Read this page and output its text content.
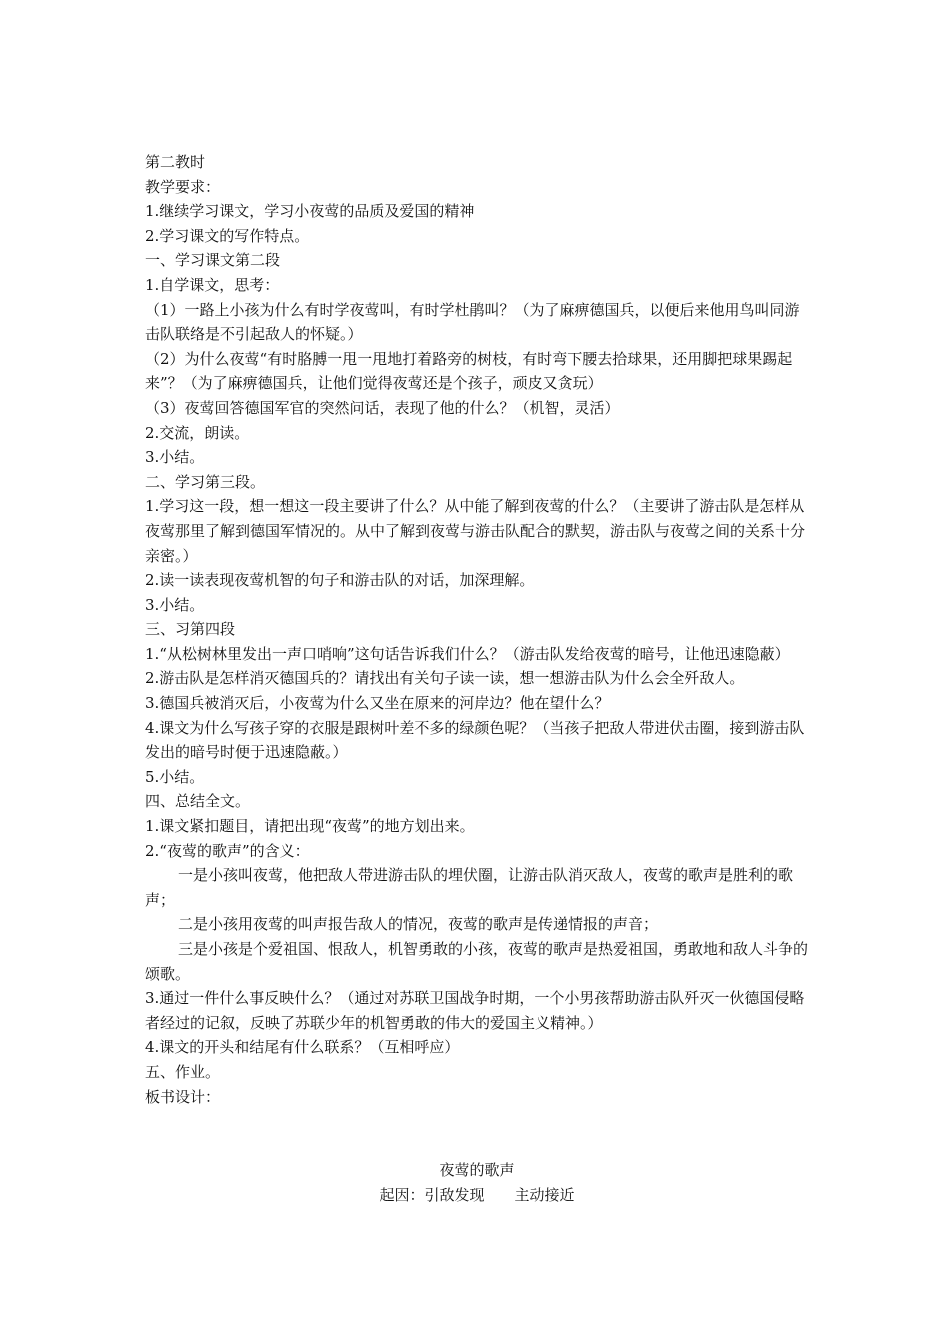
第二教时
教学要求：
1.继续学习课文，学习小夜莺的品质及爱国的精神
2.学习课文的写作特点。
一、学习课文第二段
1.自学课文，思考：
（1）一路上小孩为什么有时学夜莺叫，有时学杜鹃叫？（为了麻痹德国兵，以便后来他用鸟叫同游击队联络是不引起敌人的怀疑。）
（2）为什么夜莺“有时胳膊一甩一甩地打着路旁的树枝，有时弯下腰去拾球果，还用脚把球果踢起来”？（为了麻痹德国兵，让他们觉得夜莺还是个孩子，顽皮又贪玩）
（3）夜莺回答德国军官的突然问话，表现了他的什么？（机智，灵活）
2.交流，朗读。
3.小结。
二、学习第三段。
1.学习这一段，想一想这一段主要讲了什么？从中能了解到夜莺的什么？（主要讲了游击队是怎样从夜莺那里了解到德国军情况的。从中了解到夜莺与游击队配合的默契，游击队与夜莺之间的关系十分亲密。）
2.读一读表现夜莺机智的句子和游击队的对话，加深理解。
3.小结。
三、习第四段
1.“从松树林里发出一声口哨响”这句话告诉我们什么？（游击队发给夜莺的暗号，让他迅速隐蔽）
2.游击队是怎样消灭德国兵的？请找出有关句子读一读，想一想游击队为什么会全歼敌人。
3.德国兵被消灭后，小夜莺为什么又坐在原来的河岸边？他在望什么？
4.课文为什么写孩子穿的衣服是跟树叶差不多的绿颜色呢？（当孩子把敌人带进伏击圈，接到游击队发出的暗号时便于迅速隐蔽。）
5.小结。
四、总结全文。
1.课文紧扣题目，请把出现“夜莺”的地方划出来。
2.“夜莺的歌声”的含义：
一是小孩叫夜莺，他把敌人带进游击队的埋伏圈，让游击队消灭敌人，夜莺的歌声是胜利的歌声；
二是小孩用夜莺的叫声报告敌人的情况，夜莺的歌声是传递情报的声音；
三是小孩是个爱祖国、恨敌人，机智勇敢的小孩，夜莺的歌声是热爱祖国，勇敢地和敌人斗争的颂歌。
3.通过一件什么事反映什么？（通过对苏联卫国战争时期，一个小男孩帮助游击队歼灭一伙德国侵略者经过的记叙，反映了苏联少年的机智勇敢的伟大的爱国主义精神。）
4.课文的开头和结尾有什么联系？（互相呼应）
五、作业。
板书设计：
夜莺的歌声
起因：引敌发现　　主动接近
